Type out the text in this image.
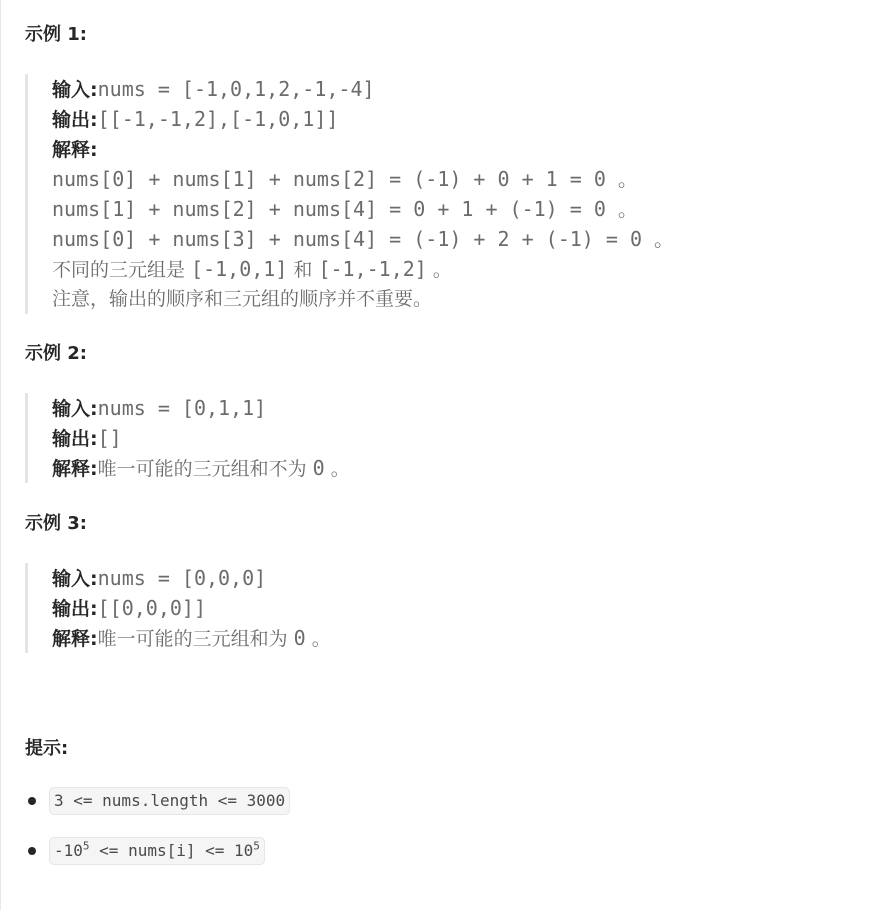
示例 1:
输入:nums = [-1,0,1,2,-1,-4]
输出:[[-1,-1,2],[-1,0,1]]
解释:
nums[0] + nums[1] + nums[2] = (-1) + 0 + 1 = 0 。
nums[1] + nums[2] + nums[4] = 0 + 1 + (-1) = 0 。
nums[0] + nums[3] + nums[4] = (-1) + 2 + (-1) = 0 。
不同的三元组是 [-1,0,1] 和 [-1,-1,2] 。
注意，输出的顺序和三元组的顺序并不重要。
示例 2:
输入:nums = [0,1,1]
输出:[]
解释:唯一可能的三元组和不为 0 。
示例 3:
输入:nums = [0,0,0]
输出:[[0,0,0]]
解释:唯一可能的三元组和为 0 。
提示:
3 <= nums.length <= 3000
$-10^5$ <= nums[i] <= $10^5$
